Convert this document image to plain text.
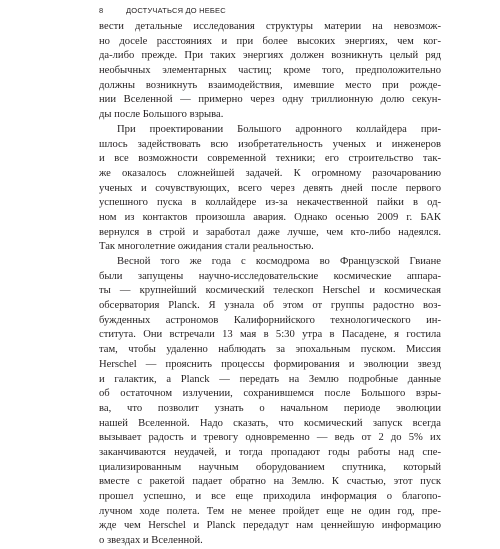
8	ДОСТУЧАТЬСЯ ДО НЕБЕС
вести детальные исследования структуры материи на невозмож-
но досele расстояниях и при более высоких энергиях, чем ког-
да-либо прежде. При таких энергиях должен возникнуть целый ряд
необычных элементарных частиц; кроме того, предположительно
должны возникнуть взаимодействия, имевшие место при рожде-
нии Вселенной — примерно через одну триллионную долю секун-
ды после Большого взрыва.
При проектировании Большого адронного коллайдера при-
шлось задействовать всю изобретательность ученых и инженеров
и все возможности современной техники; его строительство так-
же оказалось сложнейшей задачей. К огромному разочарованию
ученых и сочувствующих, всего через девять дней после первого
успешного пуска в коллайдере из-за некачественной пайки в од-
ном из контактов произошла авария. Однако осенью 2009 г. БАК
вернулся в строй и заработал даже лучше, чем кто-либо надеялся.
Так многолетние ожидания стали реальностью.
Весной того же года с космодрома во Французской Гвиане
были запущены научно-исследовательские космические аппара-
ты — крупнейший космический телескоп Herschel и космическая
обсерватория Planck. Я узнала об этом от группы радостно воз-
бужденных астрономов Калифорнийского технологического ин-
ститута. Они встречали 13 мая в 5:30 утра в Пасадене, я гостила
там, чтобы удаленно наблюдать за эпохальным пуском. Миссия
Herschel — прояснить процессы формирования и эволюции звезд
и галактик, а Planck — передать на Землю подробные данные
об остаточном излучении, сохранившемся после Большого взры-
ва, что позволит узнать о начальном периоде эволюции
нашей Вселенной. Надо сказать, что космический запуск всегда
вызывает радость и тревогу одновременно — ведь от 2 до 5% их
заканчиваются неудачей, и тогда пропадают годы работы над спе-
циализированным научным оборудованием спутника, который
вместе с ракетой падает обратно на Землю. К счастью, этот пуск
прошел успешно, и все еще приходила информация о благопо-
лучном ходе полета. Тем не менее пройдет еще не один год, пре-
жде чем Herschel и Planck передадут нам ценнейшую информацию
о звездах и Вселенной.
